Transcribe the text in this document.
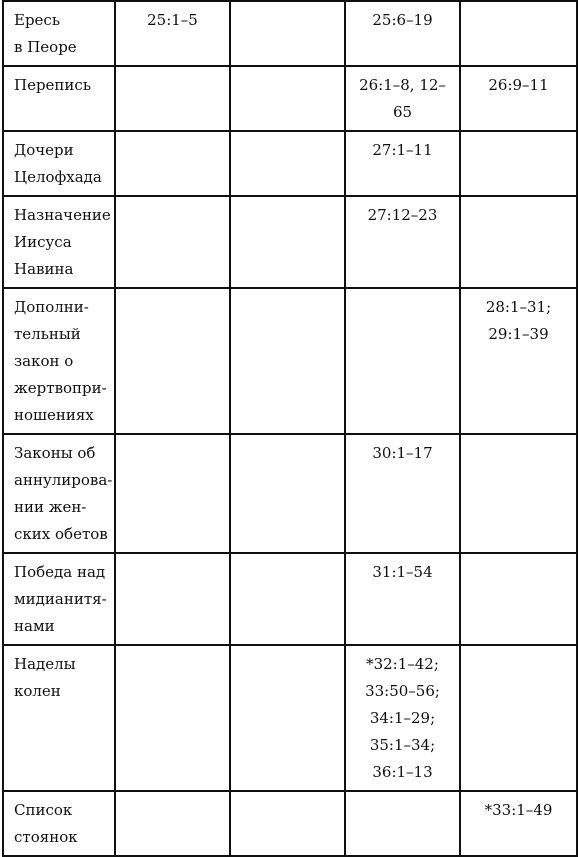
Ересь
в Пеоре	25:1–5		25:6–19	

Перепись			26:1–8, 12–65	26:9–11

Дочери
Целофхада			27:1–11	

Назначение
Иисуса
Навина			27:12–23	

Дополни-
тельный
закон о
жертвопри-
ношениях				28:1–31;
29:1–39

Законы об
аннулирова-
нии жен-
ских обетов			30:1–17	

Победа над
мидианитя-
нами			31:1–54	

Наделы
колен			*32:1–42;
33:50–56;
34:1–29;
35:1–34;
36:1–13	

Список
стоянок				*33:1–49
